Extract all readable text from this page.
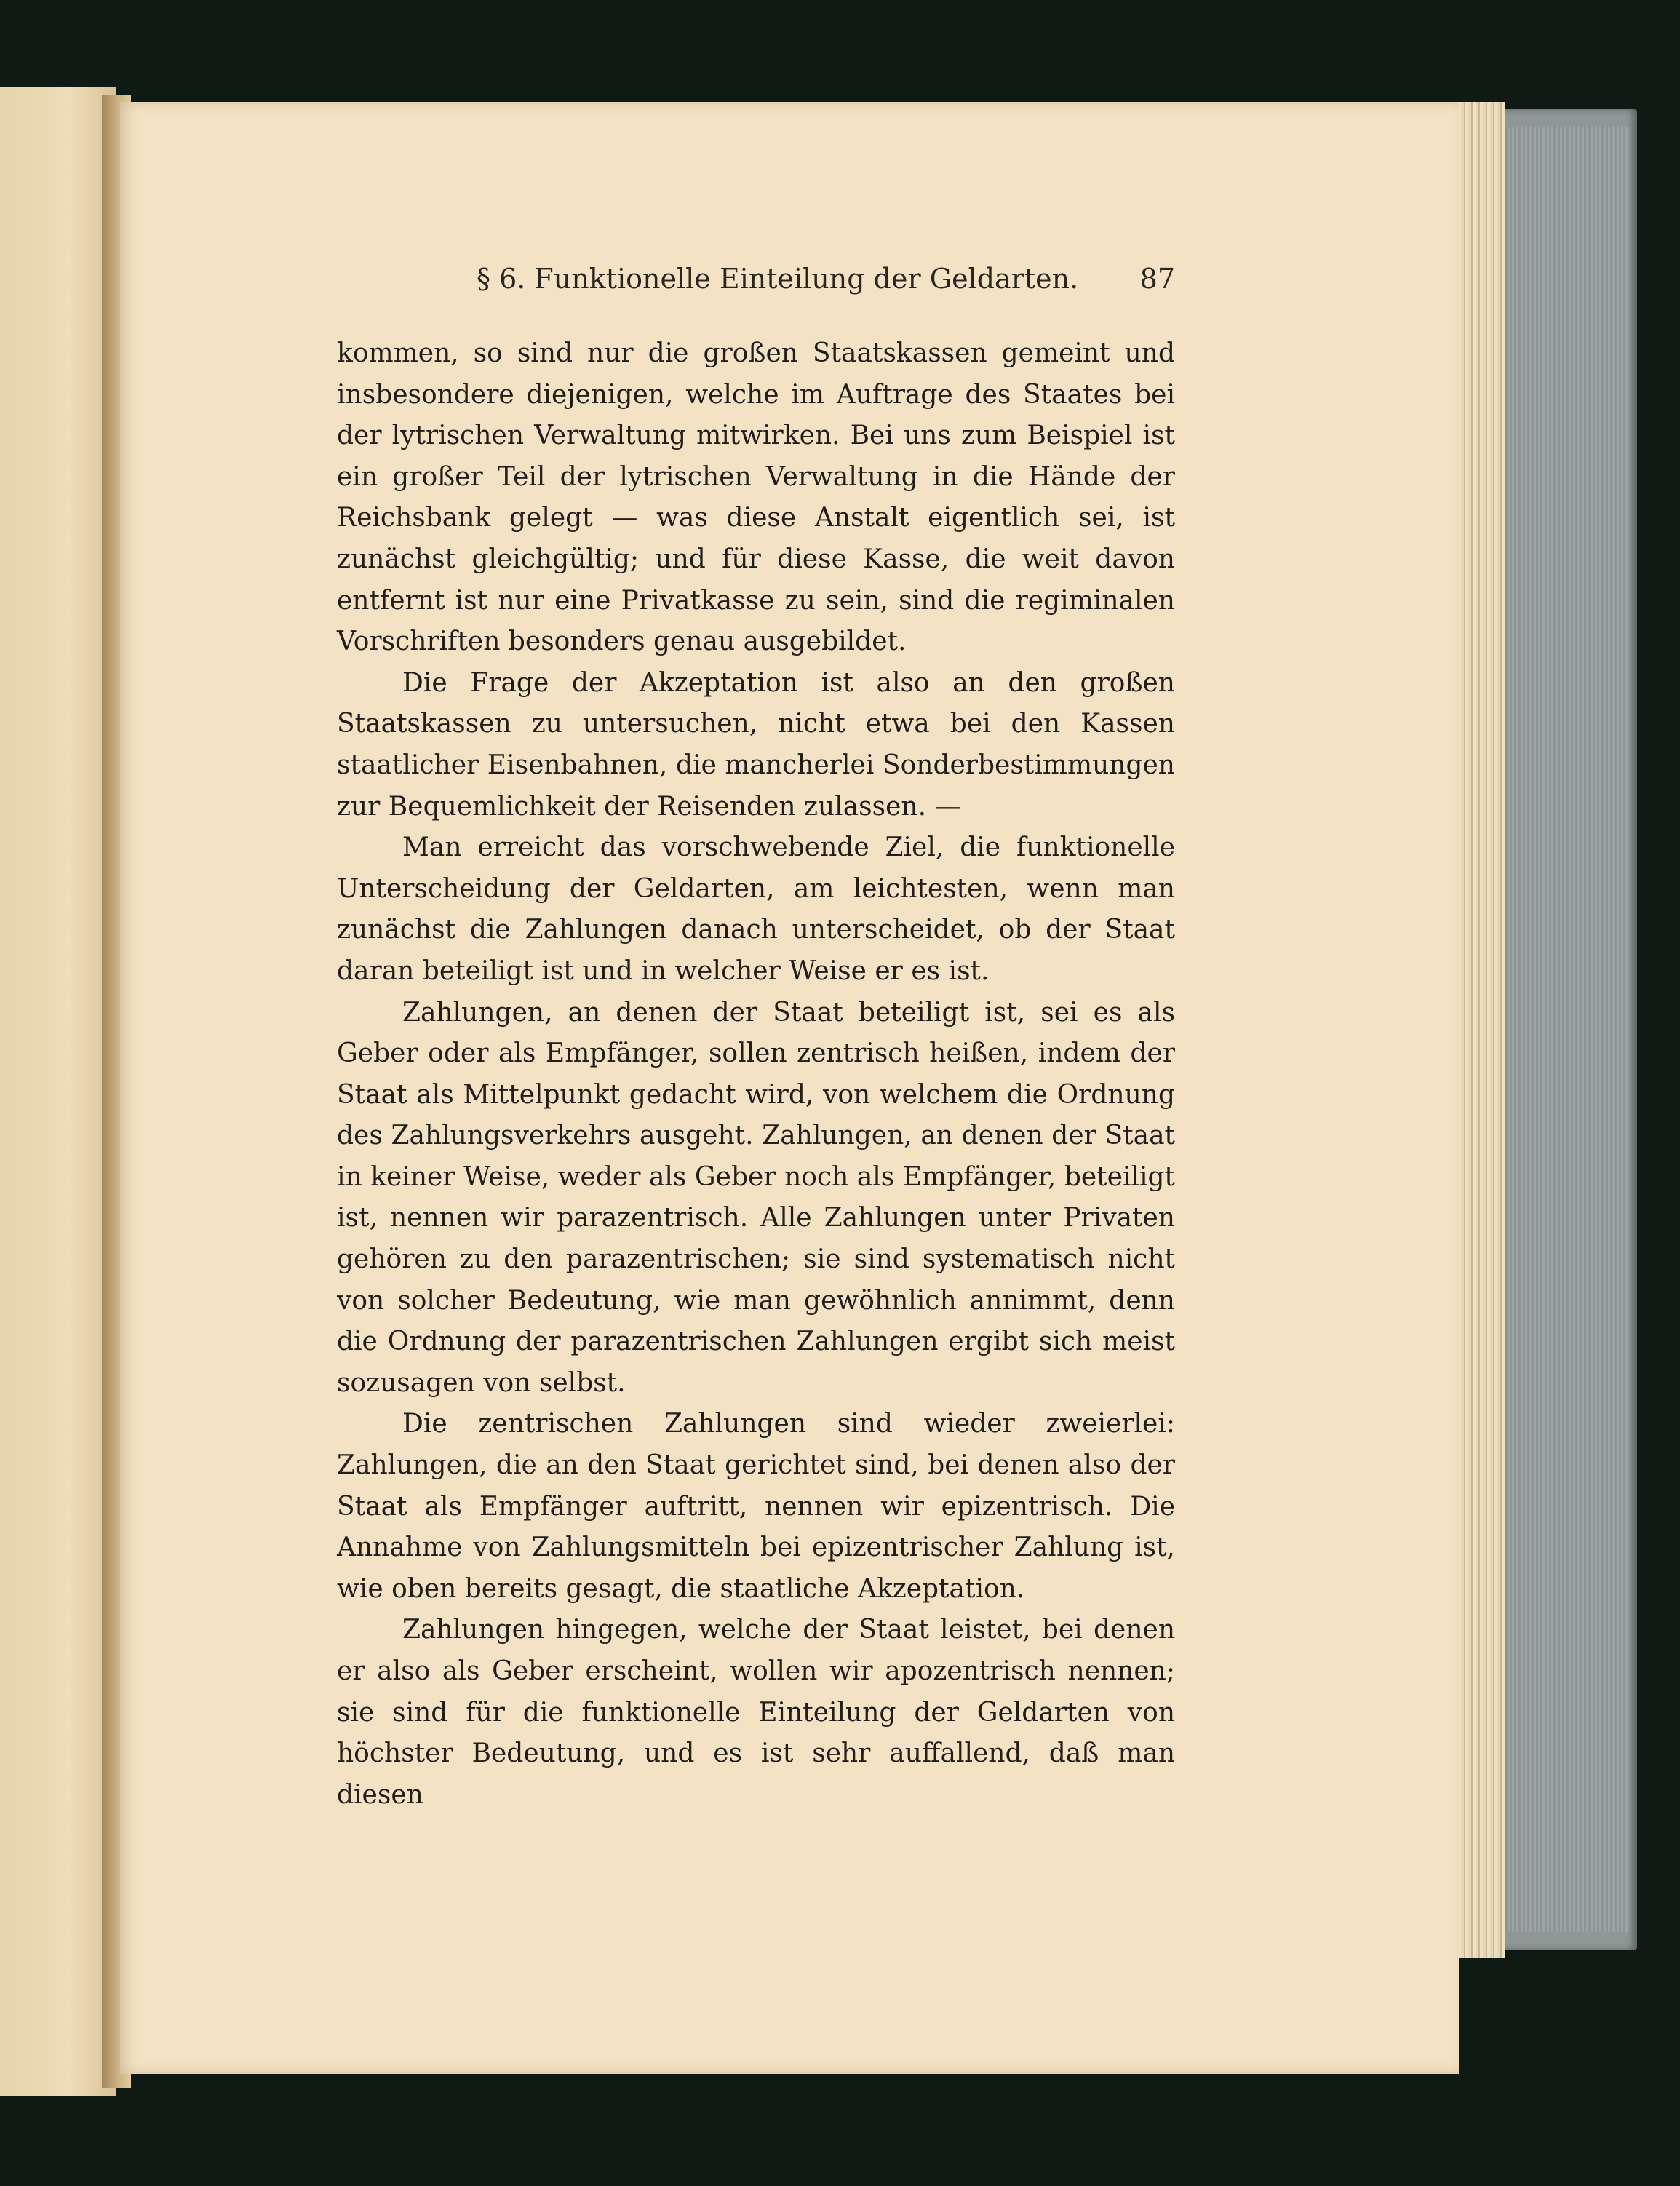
§ 6. Funktionelle Einteilung der Geldarten. 87

kommen, so sind nur die großen Staatskassen gemeint und insbesondere diejenigen, welche im Auftrage des Staates bei der lytrischen Verwaltung mitwirken. Bei uns zum Beispiel ist ein großer Teil der lytrischen Verwaltung in die Hände der Reichsbank gelegt — was diese Anstalt eigentlich sei, ist zunächst gleichgültig; und für diese Kasse, die weit davon entfernt ist nur eine Privatkasse zu sein, sind die regiminalen Vorschriften besonders genau ausgebildet.

Die Frage der Akzeptation ist also an den großen Staatskassen zu untersuchen, nicht etwa bei den Kassen staatlicher Eisenbahnen, die mancherlei Sonderbestimmungen zur Bequemlichkeit der Reisenden zulassen. —

Man erreicht das vorschwebende Ziel, die funktionelle Unterscheidung der Geldarten, am leichtesten, wenn man zunächst die Zahlungen danach unterscheidet, ob der Staat daran beteiligt ist und in welcher Weise er es ist.

Zahlungen, an denen der Staat beteiligt ist, sei es als Geber oder als Empfänger, sollen zentrisch heißen, indem der Staat als Mittelpunkt gedacht wird, von welchem die Ordnung des Zahlungsverkehrs ausgeht. Zahlungen, an denen der Staat in keiner Weise, weder als Geber noch als Empfänger, beteiligt ist, nennen wir parazentrisch. Alle Zahlungen unter Privaten gehören zu den parazentrischen; sie sind systematisch nicht von solcher Bedeutung, wie man gewöhnlich annimmt, denn die Ordnung der parazentrischen Zahlungen ergibt sich meist sozusagen von selbst.

Die zentrischen Zahlungen sind wieder zweierlei: Zahlungen, die an den Staat gerichtet sind, bei denen also der Staat als Empfänger auftritt, nennen wir epizentrisch. Die Annahme von Zahlungsmitteln bei epizentrischer Zahlung ist, wie oben bereits gesagt, die staatliche Akzeptation.

Zahlungen hingegen, welche der Staat leistet, bei denen er also als Geber erscheint, wollen wir apozentrisch nennen; sie sind für die funktionelle Einteilung der Geldarten von höchster Bedeutung, und es ist sehr auffallend, daß man diesen
